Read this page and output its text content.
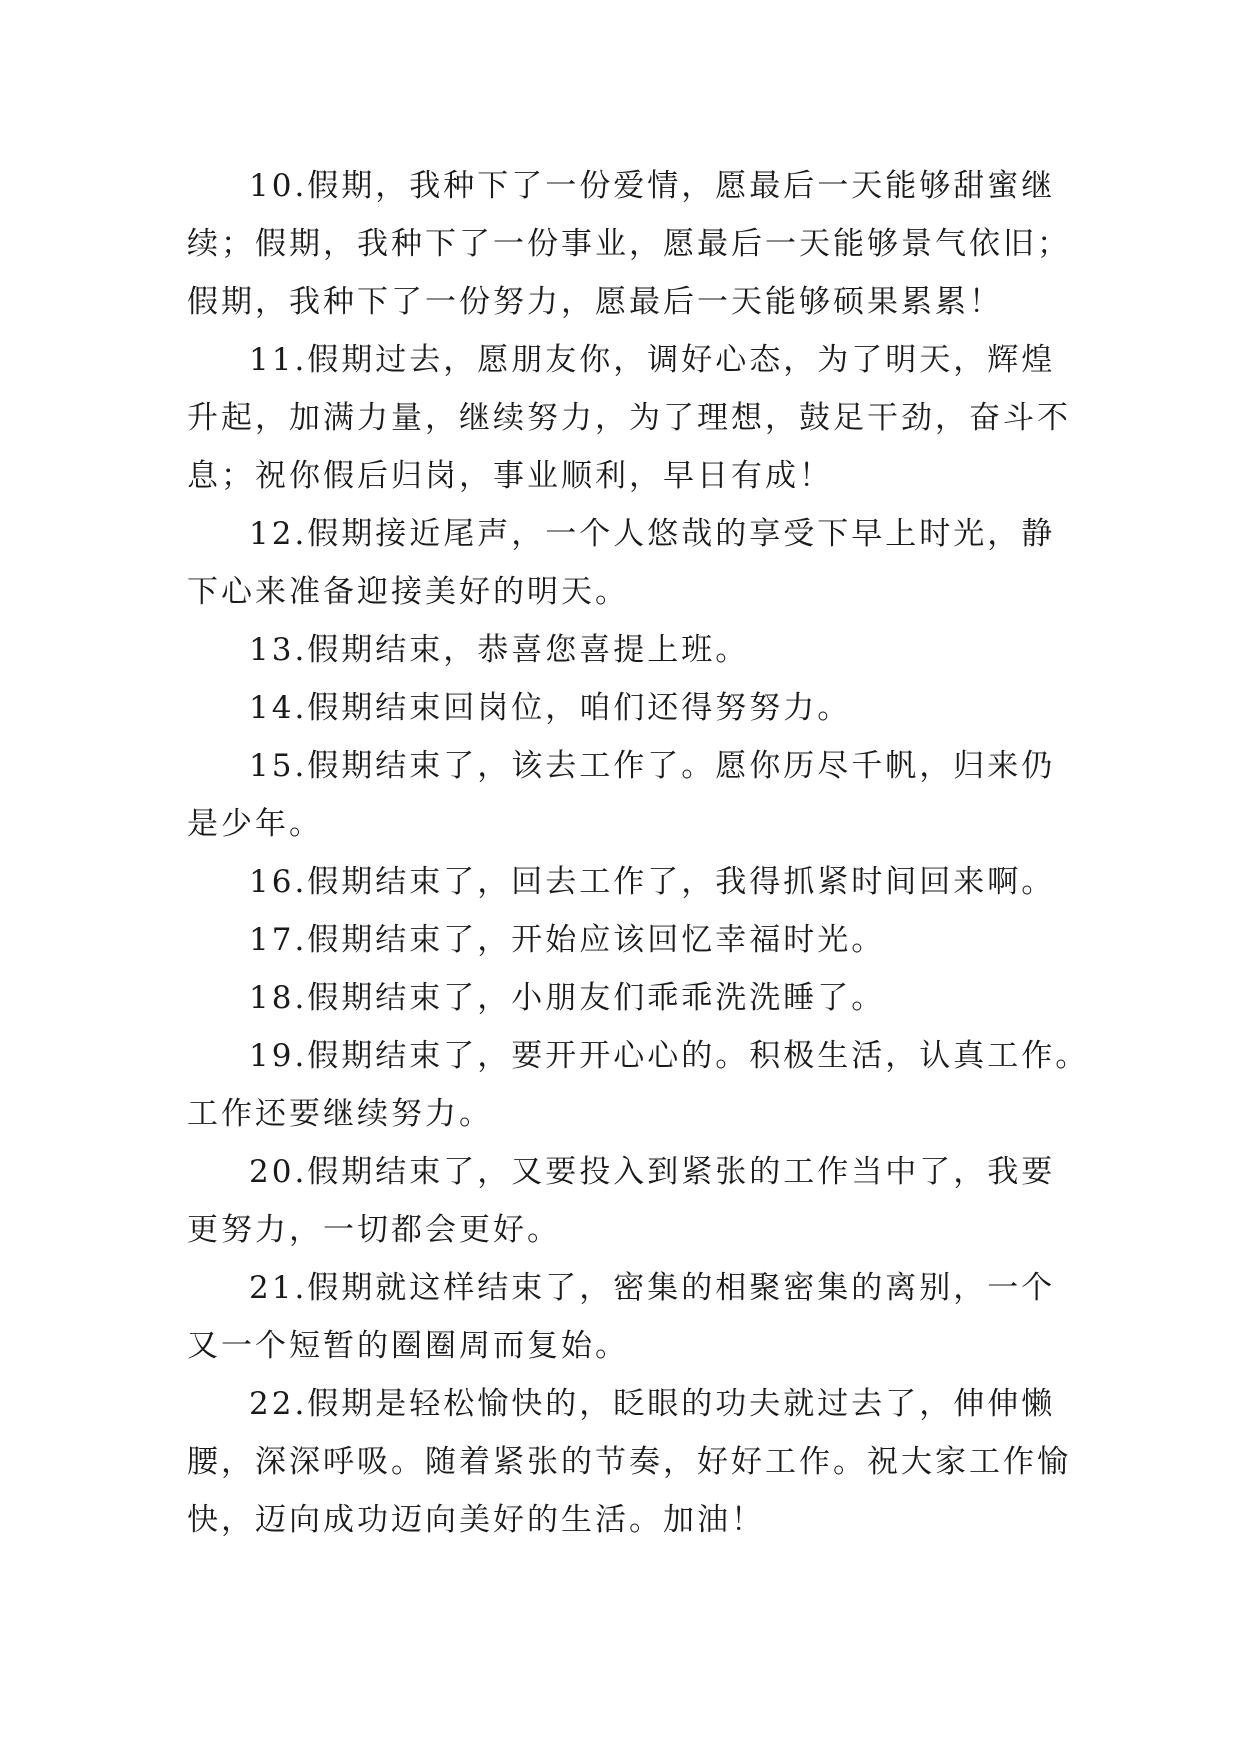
10.假期，我种下了一份爱情，愿最后一天能够甜蜜继
续；假期，我种下了一份事业，愿最后一天能够景气依旧；
假期，我种下了一份努力，愿最后一天能够硕果累累！
11.假期过去，愿朋友你，调好心态，为了明天，辉煌
升起，加满力量，继续努力，为了理想，鼓足干劲，奋斗不
息；祝你假后归岗，事业顺利，早日有成！
12.假期接近尾声，一个人悠哉的享受下早上时光，静
下心来准备迎接美好的明天。
13.假期结束，恭喜您喜提上班。
14.假期结束回岗位，咱们还得努努力。
15.假期结束了，该去工作了。愿你历尽千帆，归来仍
是少年。
16.假期结束了，回去工作了，我得抓紧时间回来啊。
17.假期结束了，开始应该回忆幸福时光。
18.假期结束了，小朋友们乖乖洗洗睡了。
19.假期结束了，要开开心心的。积极生活，认真工作。
工作还要继续努力。
20.假期结束了，又要投入到紧张的工作当中了，我要
更努力，一切都会更好。
21.假期就这样结束了，密集的相聚密集的离别，一个
又一个短暂的圈圈周而复始。
22.假期是轻松愉快的，眨眼的功夫就过去了，伸伸懒
腰，深深呼吸。随着紧张的节奏，好好工作。祝大家工作愉
快，迈向成功迈向美好的生活。加油！
